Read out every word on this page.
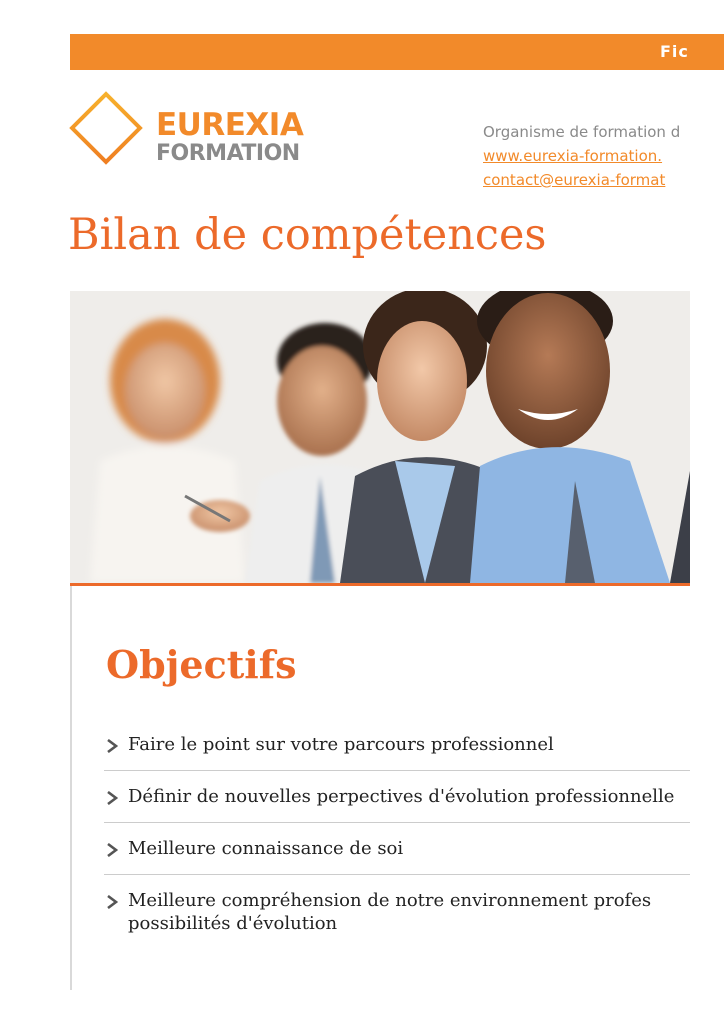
Fic
EUREXIA
FORMATION
Organisme de formation d
www.eurexia-formation.
contact@eurexia-format
Bilan de compétences
Objectifs
Faire le point sur votre parcours professionnel
Définir de nouvelles perpectives d'évolution professionnelle
Meilleure connaissance de soi
Meilleure compréhension de notre environnement profes
possibilités d'évolution
